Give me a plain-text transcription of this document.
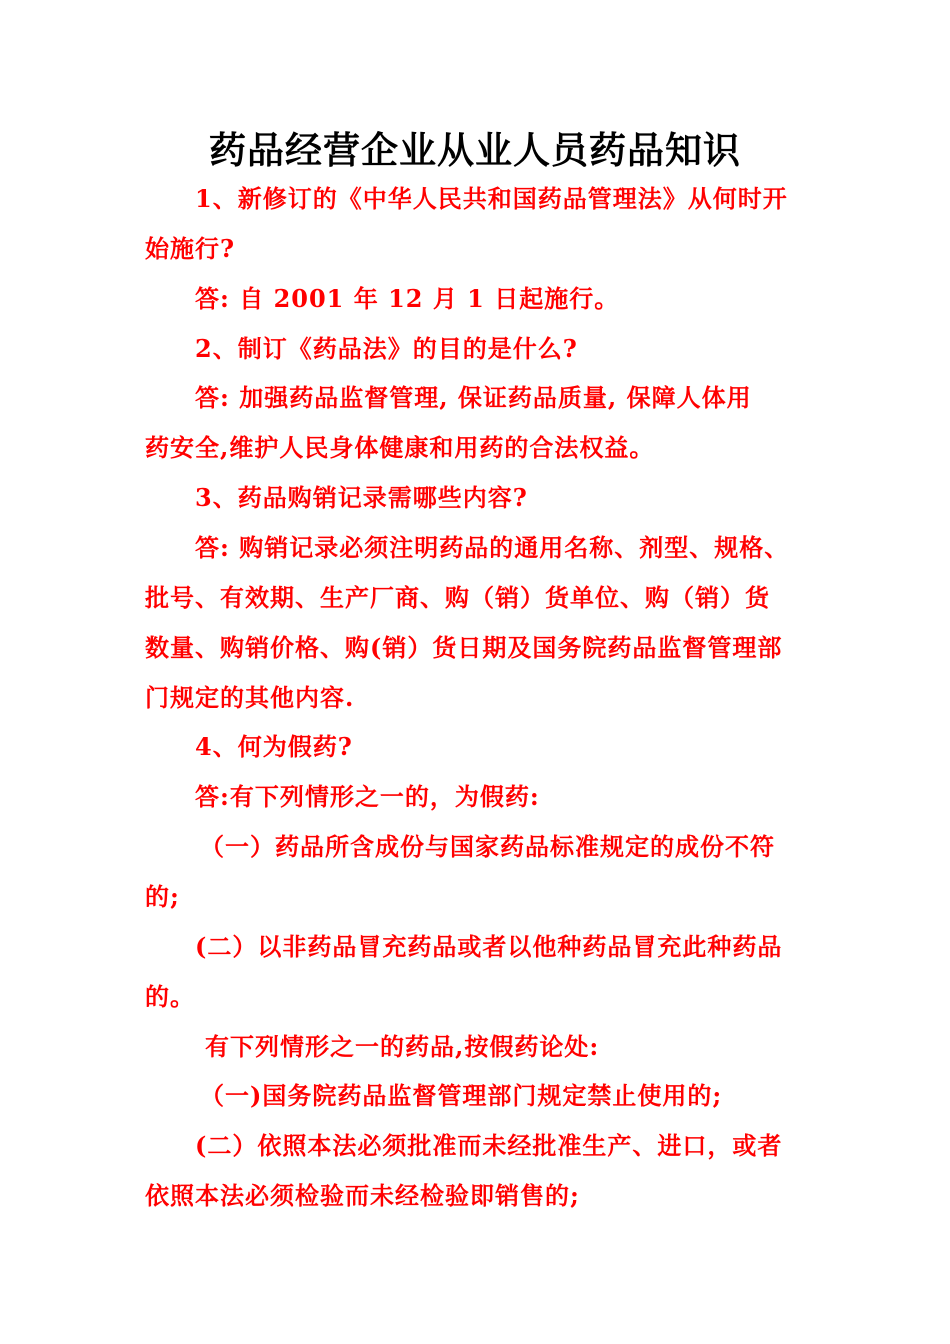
药品经营企业从业人员药品知识
1、新修订的《中华人民共和国药品管理法》从何时开
始施行?
答: 自 2001 年 12 月 1 日起施行。
2、制订《药品法》的目的是什么?
答: 加强药品监督管理, 保证药品质量, 保障人体用
药安全,维护人民身体健康和用药的合法权益。
3、药品购销记录需哪些内容?
答: 购销记录必须注明药品的通用名称、剂型、规格、
批号、有效期、生产厂商、购（销）货单位、购（销）货
数量、购销价格、购(销）货日期及国务院药品监督管理部
门规定的其他内容.
4、何为假药?
答:有下列情形之一的，为假药:
（一）药品所含成份与国家药品标准规定的成份不符
的;
(二）以非药品冒充药品或者以他种药品冒充此种药品
的。
有下列情形之一的药品,按假药论处:
（一)国务院药品监督管理部门规定禁止使用的;
(二）依照本法必须批准而未经批准生产、进口，或者
依照本法必须检验而未经检验即销售的;
